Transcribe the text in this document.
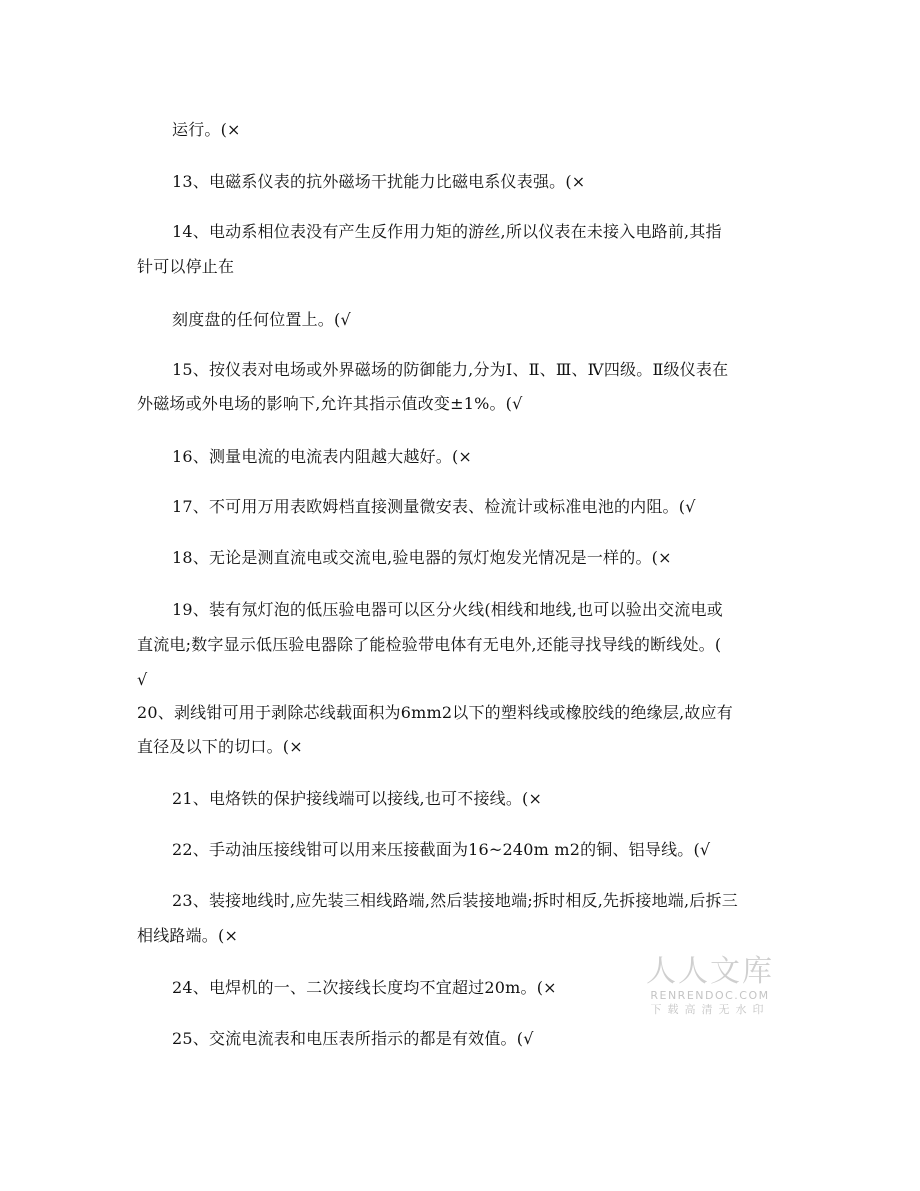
运行。(×
13、电磁系仪表的抗外磁场干扰能力比磁电系仪表强。(×
14、电动系相位表没有产生反作用力矩的游丝,所以仪表在未接入电路前,其指
针可以停止在
刻度盘的任何位置上。(√
15、按仪表对电场或外界磁场的防御能力,分为Ⅰ、Ⅱ、Ⅲ、Ⅳ四级。Ⅱ级仪表在
外磁场或外电场的影响下,允许其指示值改变±1%。(√
16、测量电流的电流表内阻越大越好。(×
17、不可用万用表欧姆档直接测量微安表、检流计或标准电池的内阻。(√
18、无论是测直流电或交流电,验电器的氖灯炮发光情况是一样的。(×
19、装有氖灯泡的低压验电器可以区分火线(相线和地线,也可以验出交流电或
直流电;数字显示低压验电器除了能检验带电体有无电外,还能寻找导线的断线处。(
√
20、剥线钳可用于剥除芯线载面积为6mm2以下的塑料线或橡胶线的绝缘层,故应有
直径及以下的切口。(×
21、电烙铁的保护接线端可以接线,也可不接线。(×
22、手动油压接线钳可以用来压接截面为16~240m m2的铜、铝导线。(√
23、装接地线时,应先装三相线路端,然后装接地端;拆时相反,先拆接地端,后拆三
相线路端。(×
24、电焊机的一、二次接线长度均不宜超过20m。(×
25、交流电流表和电压表所指示的都是有效值。(√
人人文库
RENRENDOC.COM
下载高清无水印
